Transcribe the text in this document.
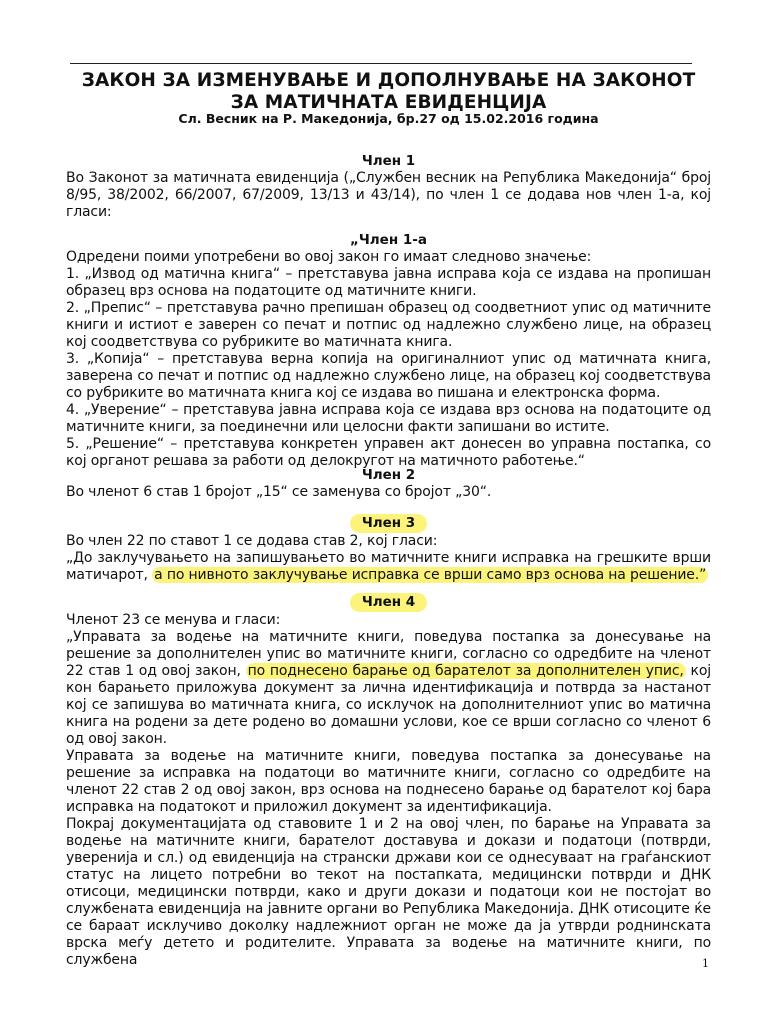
ЗАКОН ЗА ИЗМЕНУВАЊЕ И ДОПОЛНУВАЊЕ НА ЗАКОНОТ ЗА МАТИЧНАТА ЕВИДЕНЦИЈА
Сл. Весник на Р. Македонија, бр.27 од 15.02.2016 година
Член 1

Во Законот за матичната евиденција („Службен весник на Република Македонија“ број 8/95, 38/2002, 66/2007, 67/2009, 13/13 и 43/14), по член 1 се додава нов член 1-а, кој гласи:

„Член 1-а

Одредени поими употребени во овој закон го имаат следново значење:

1. „Извод од матична книга“ – претставува јавна исправа која се издава на пропишан образец врз основа на податоците од матичните книги.

2. „Препис“ – претставува рачно препишан образец од соодветниот упис од матичните книги и истиот е заверен со печат и потпис од надлежно службено лице, на образец кој соодветствува со рубриките во матичната книга.

3. „Копија“ – претставува верна копија на оригиналниот упис од матичната книга, заверена со печат и потпис од надлежно службено лице, на образец кој соодветствува со рубриките во матичната книга кој се издава во пишана и електронска форма.

4. „Уверение“ – претставува јавна исправа која се издава врз основа на податоците од матичните книги, за поединечни или целосни факти запишани во истите.

5. „Решение“ – претставува конкретен управен акт донесен во управна постапка, со кој органот решава за работи од делокругот на матичното работење.“

Член 2

Во членот 6 став 1 бројот „15“ се заменува со бројот „30“.

Член 3

Во член 22 по ставот 1 се додава став 2, кој гласи:

„До заклучувањето на запишувањето во матичните книги исправка на грешките врши матичарот, а по нивното заклучување исправка се врши само врз основа на решение.”

Член 4

Членот 23 се менува и гласи:

„Управата за водење на матичните книги, поведува постапка за донесување на решение за дополнителен упис во матичните книги, согласно со одредбите на членот 22 став 1 од овој закон, по поднесено барање од барателот за дополнителен упис, кој кон барањето приложува документ за лична идентификација и потврда за настанот кој се запишува во матичната книга, со исклучок на дополнителниот упис во матична книга на родени за дете родено во домашни услови, кое се врши согласно со членот 6 од овој закон.

Управата за водење на матичните книги, поведува постапка за донесување на решение за исправка на податоци во матичните книги, согласно со одредбите на членот 22 став 2 од овој закон, врз основа на поднесено барање од барателот кој бара исправка на податокот и приложил документ за идентификација.

Покрај документацијата од ставовите 1 и 2 на овој член, по барање на Управата за водење на матичните книги, барателот доставува и докази и податоци (потврди, уверенија и сл.) од евиденција на странски држави кои се однесуваат на граѓанскиот статус на лицето потребни во текот на постапката, медицински потврди и ДНК отисоци, медицински потврди, како и други докази и податоци кои не постојат во службената евиденција на јавните органи во Република Македонија. ДНК отисоците ќе се бараат исклучиво доколку надлежниот орган не може да ја утврди роднинската врска меѓу детето и родителите. Управата за водење на матичните книги, по службена	1
